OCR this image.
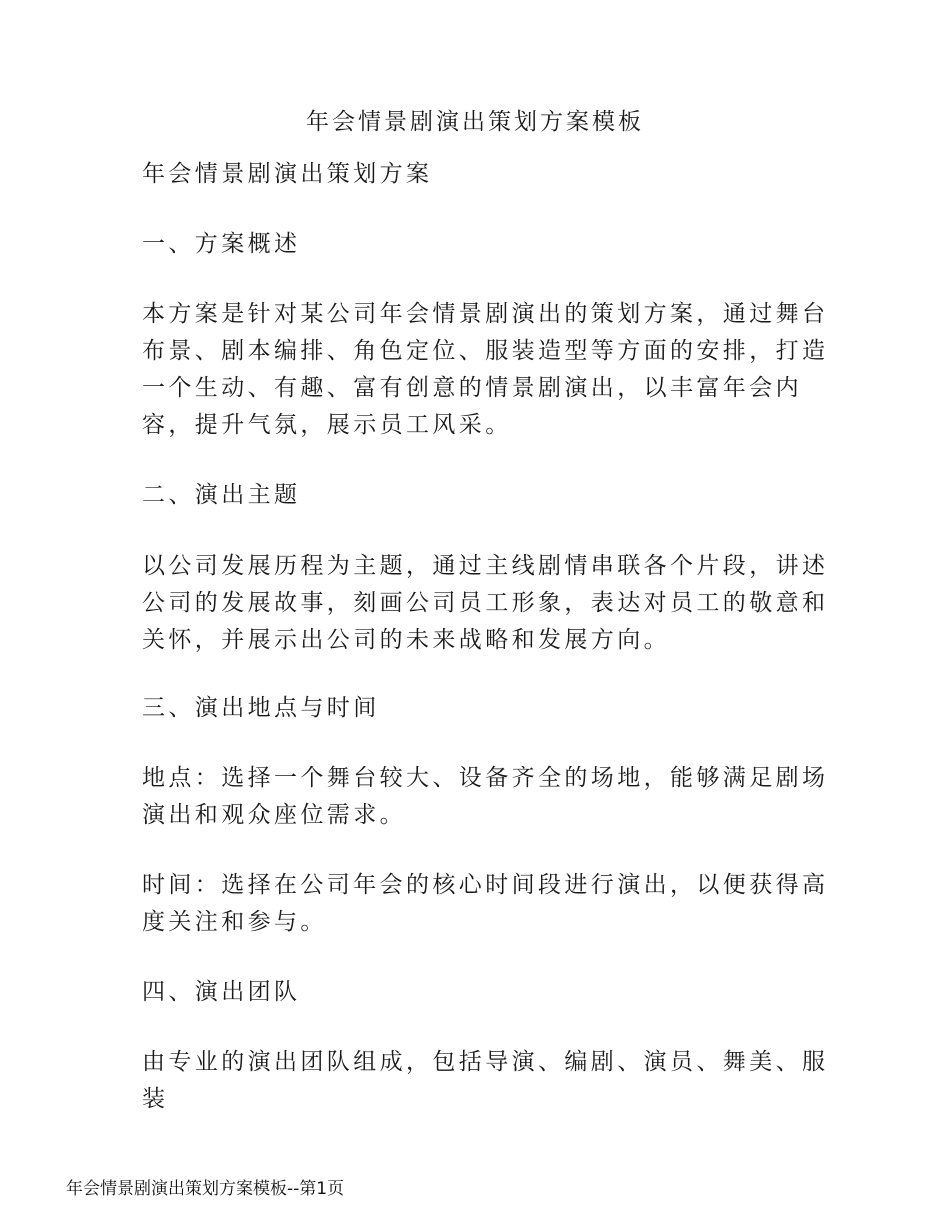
年会情景剧演出策划方案模板

年会情景剧演出策划方案

一、方案概述

本方案是针对某公司年会情景剧演出的策划方案，通过舞台布景、剧本编排、角色定位、服装造型等方面的安排，打造一个生动、有趣、富有创意的情景剧演出，以丰富年会内容，提升气氛，展示员工风采。

二、演出主题

以公司发展历程为主题，通过主线剧情串联各个片段，讲述公司的发展故事，刻画公司员工形象，表达对员工的敬意和关怀，并展示出公司的未来战略和发展方向。

三、演出地点与时间

地点：选择一个舞台较大、设备齐全的场地，能够满足剧场演出和观众座位需求。

时间：选择在公司年会的核心时间段进行演出，以便获得高度关注和参与。

四、演出团队

由专业的演出团队组成，包括导演、编剧、演员、舞美、服装

年会情景剧演出策划方案模板--第1页
